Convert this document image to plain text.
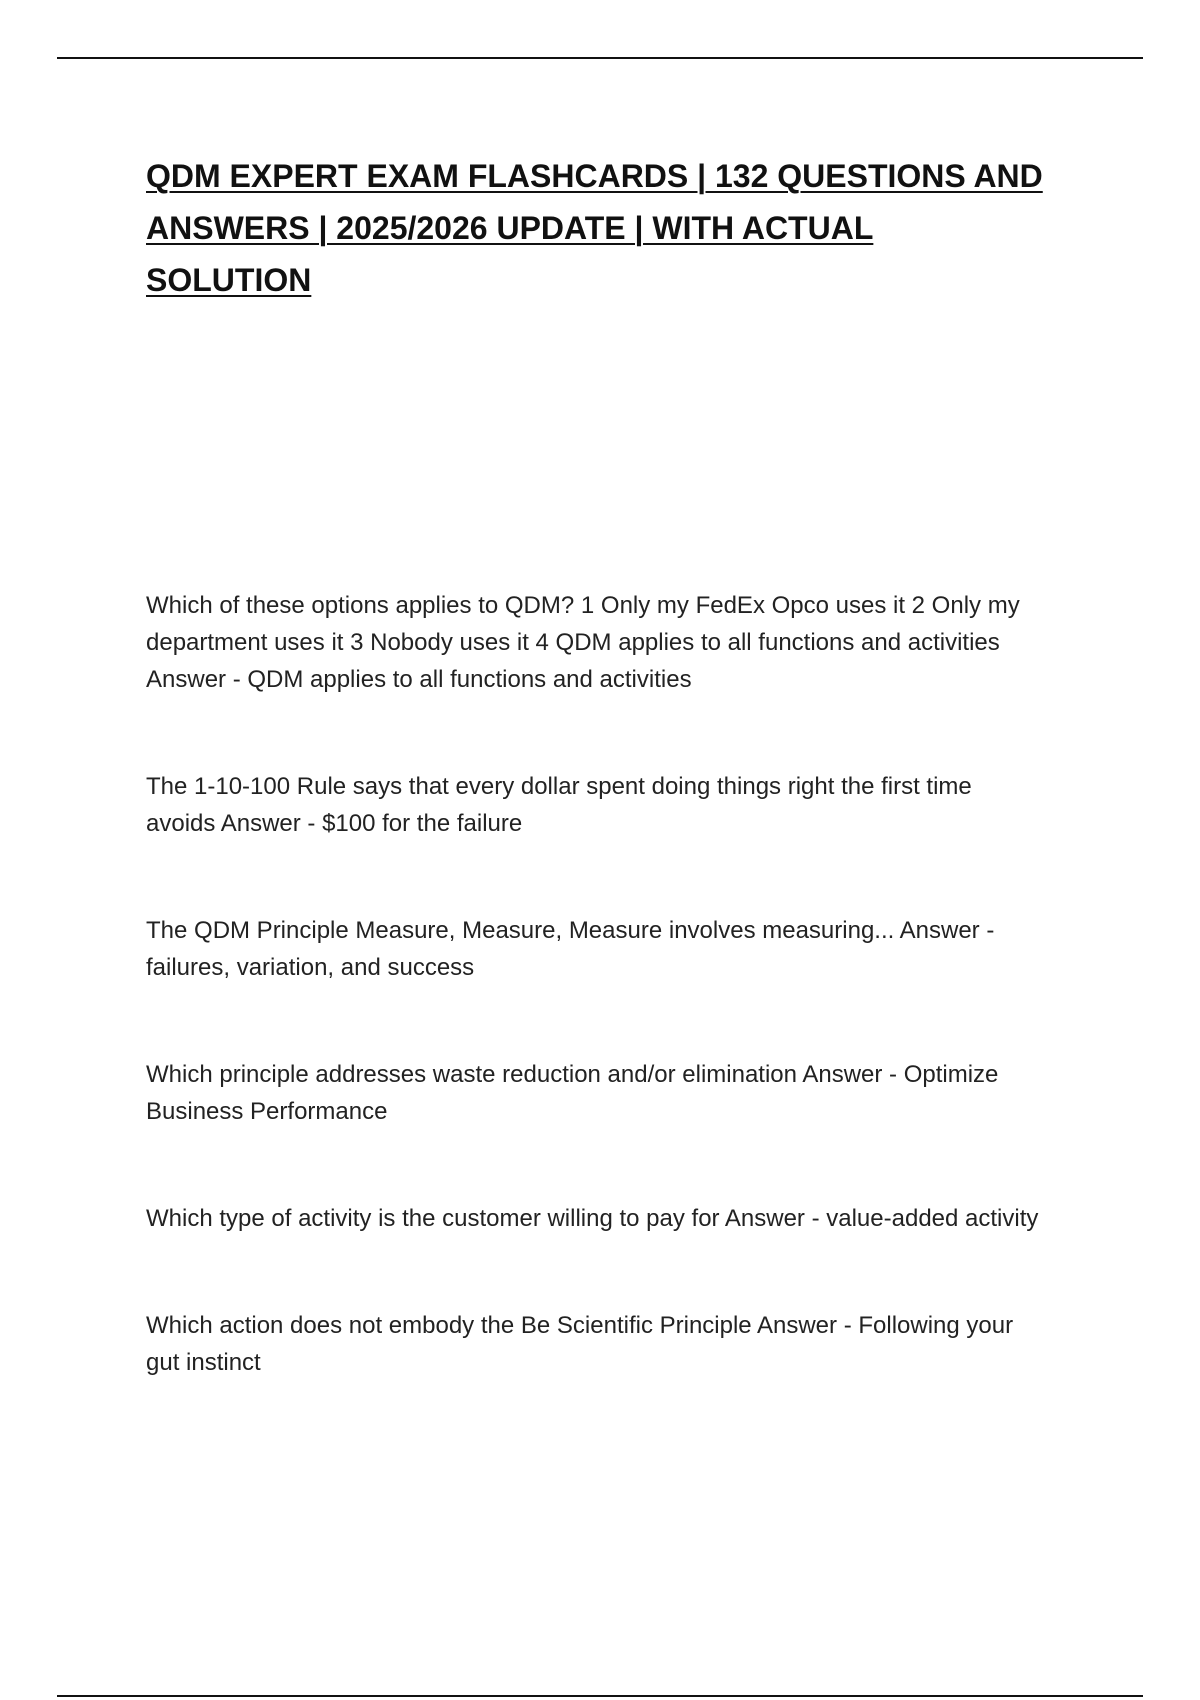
QDM EXPERT EXAM FLASHCARDS | 132 QUESTIONS AND ANSWERS | 2025/2026 UPDATE | WITH ACTUAL SOLUTION

Which of these options applies to QDM? 1 Only my FedEx Opco uses it 2 Only my department uses it 3 Nobody uses it 4 QDM applies to all functions and activities Answer - QDM applies to all functions and activities

The 1-10-100 Rule says that every dollar spent doing things right the first time avoids Answer - $100 for the failure

The QDM Principle Measure, Measure, Measure involves measuring... Answer - failures, variation, and success

Which principle addresses waste reduction and/or elimination Answer - Optimize Business Performance

Which type of activity is the customer willing to pay for Answer - value-added activity

Which action does not embody the Be Scientific Principle Answer - Following your gut instinct
